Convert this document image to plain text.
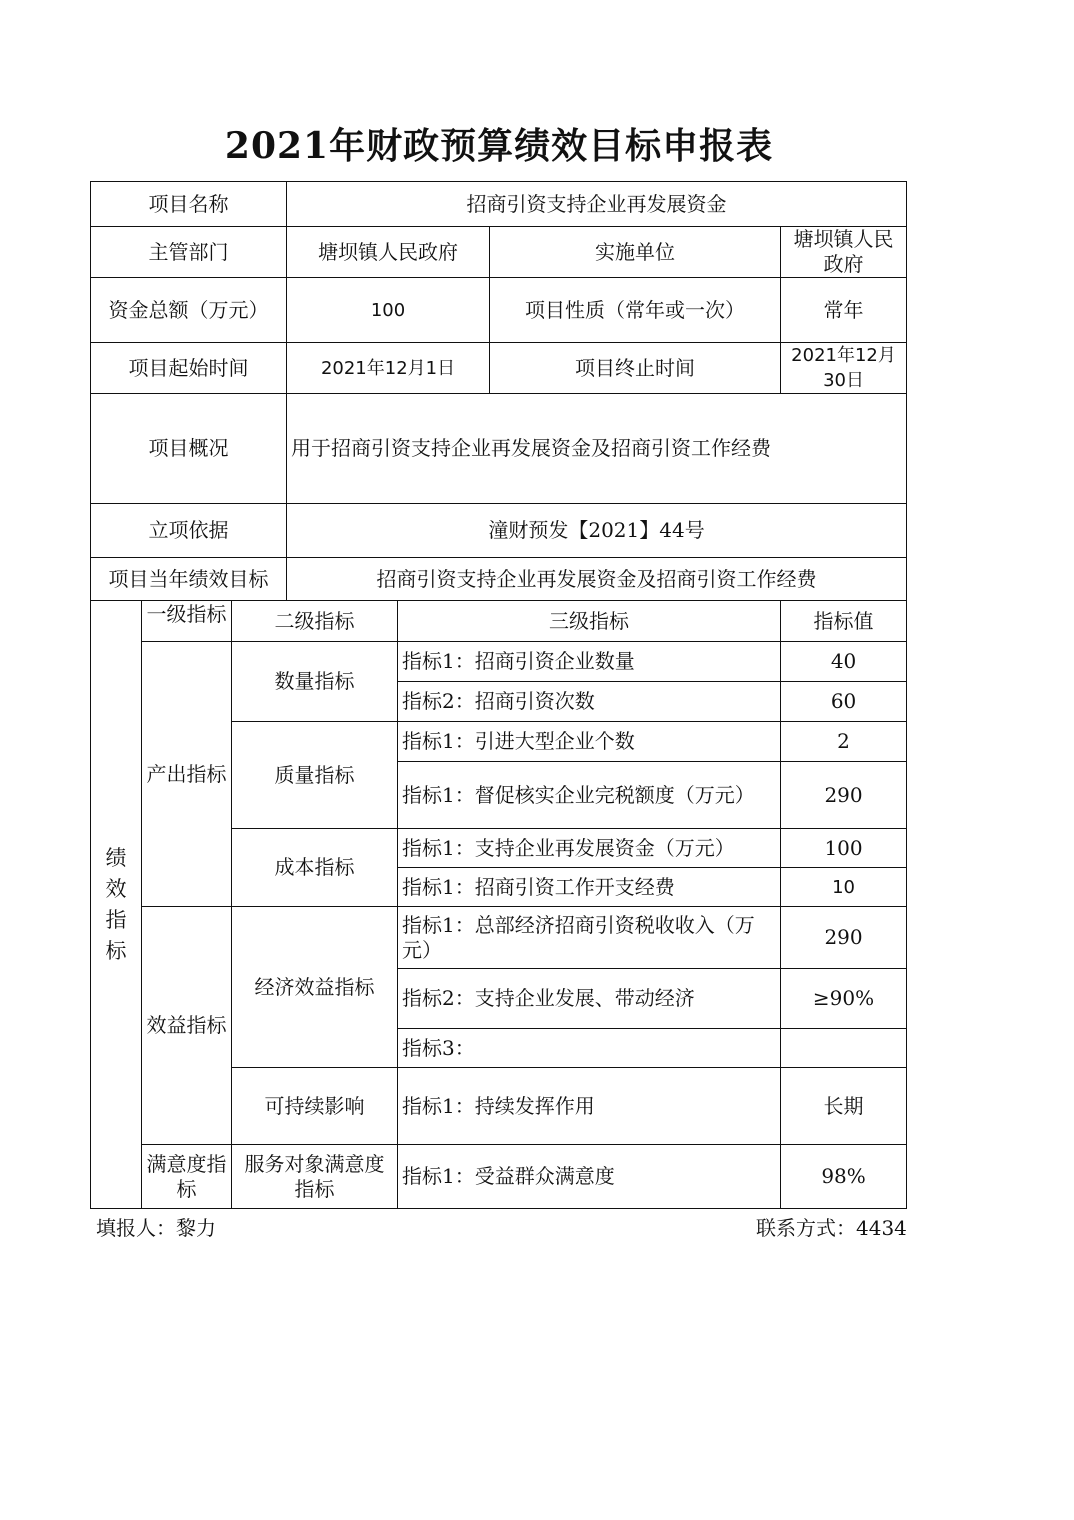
2021年财政预算绩效目标申报表
项目名称			招商引资支持企业再发展资金			
主管部门			塘坝镇人民政府		实施单位	塘坝镇人民政府
资金总额（万元）			100		项目性质（常年或一次）	常年
项目起始时间			2021年12月1日		项目终止时间	2021年12月30日
项目概况			用于招商引资支持企业再发展资金及招商引资工作经费			
立项依据			潼财预发【2021】44号			
项目当年绩效目标			招商引资支持企业再发展资金及招商引资工作经费			

绩
效
指
标	一级指标	二级指标		三级指标		指标值
	产出指标	数量指标		指标1：招商引资企业数量		40
				指标2：招商引资次数		60
		质量指标		指标1：引进大型企业个数		2
				指标1：督促核实企业完税额度（万元）		290
		成本指标		指标1：支持企业再发展资金（万元）		100
				指标1：招商引资工作开支经费		10
	效益指标	经济效益指标		指标1：总部经济招商引资税收收入（万元）		290
				指标2：支持企业发展、带动经济		≥90%
				指标3：		
		可持续影响		指标1：持续发挥作用		长期
	满意度指标	服务对象满意度指标		指标1：受益群众满意度		98%
填报人：黎力	联系方式：4434
